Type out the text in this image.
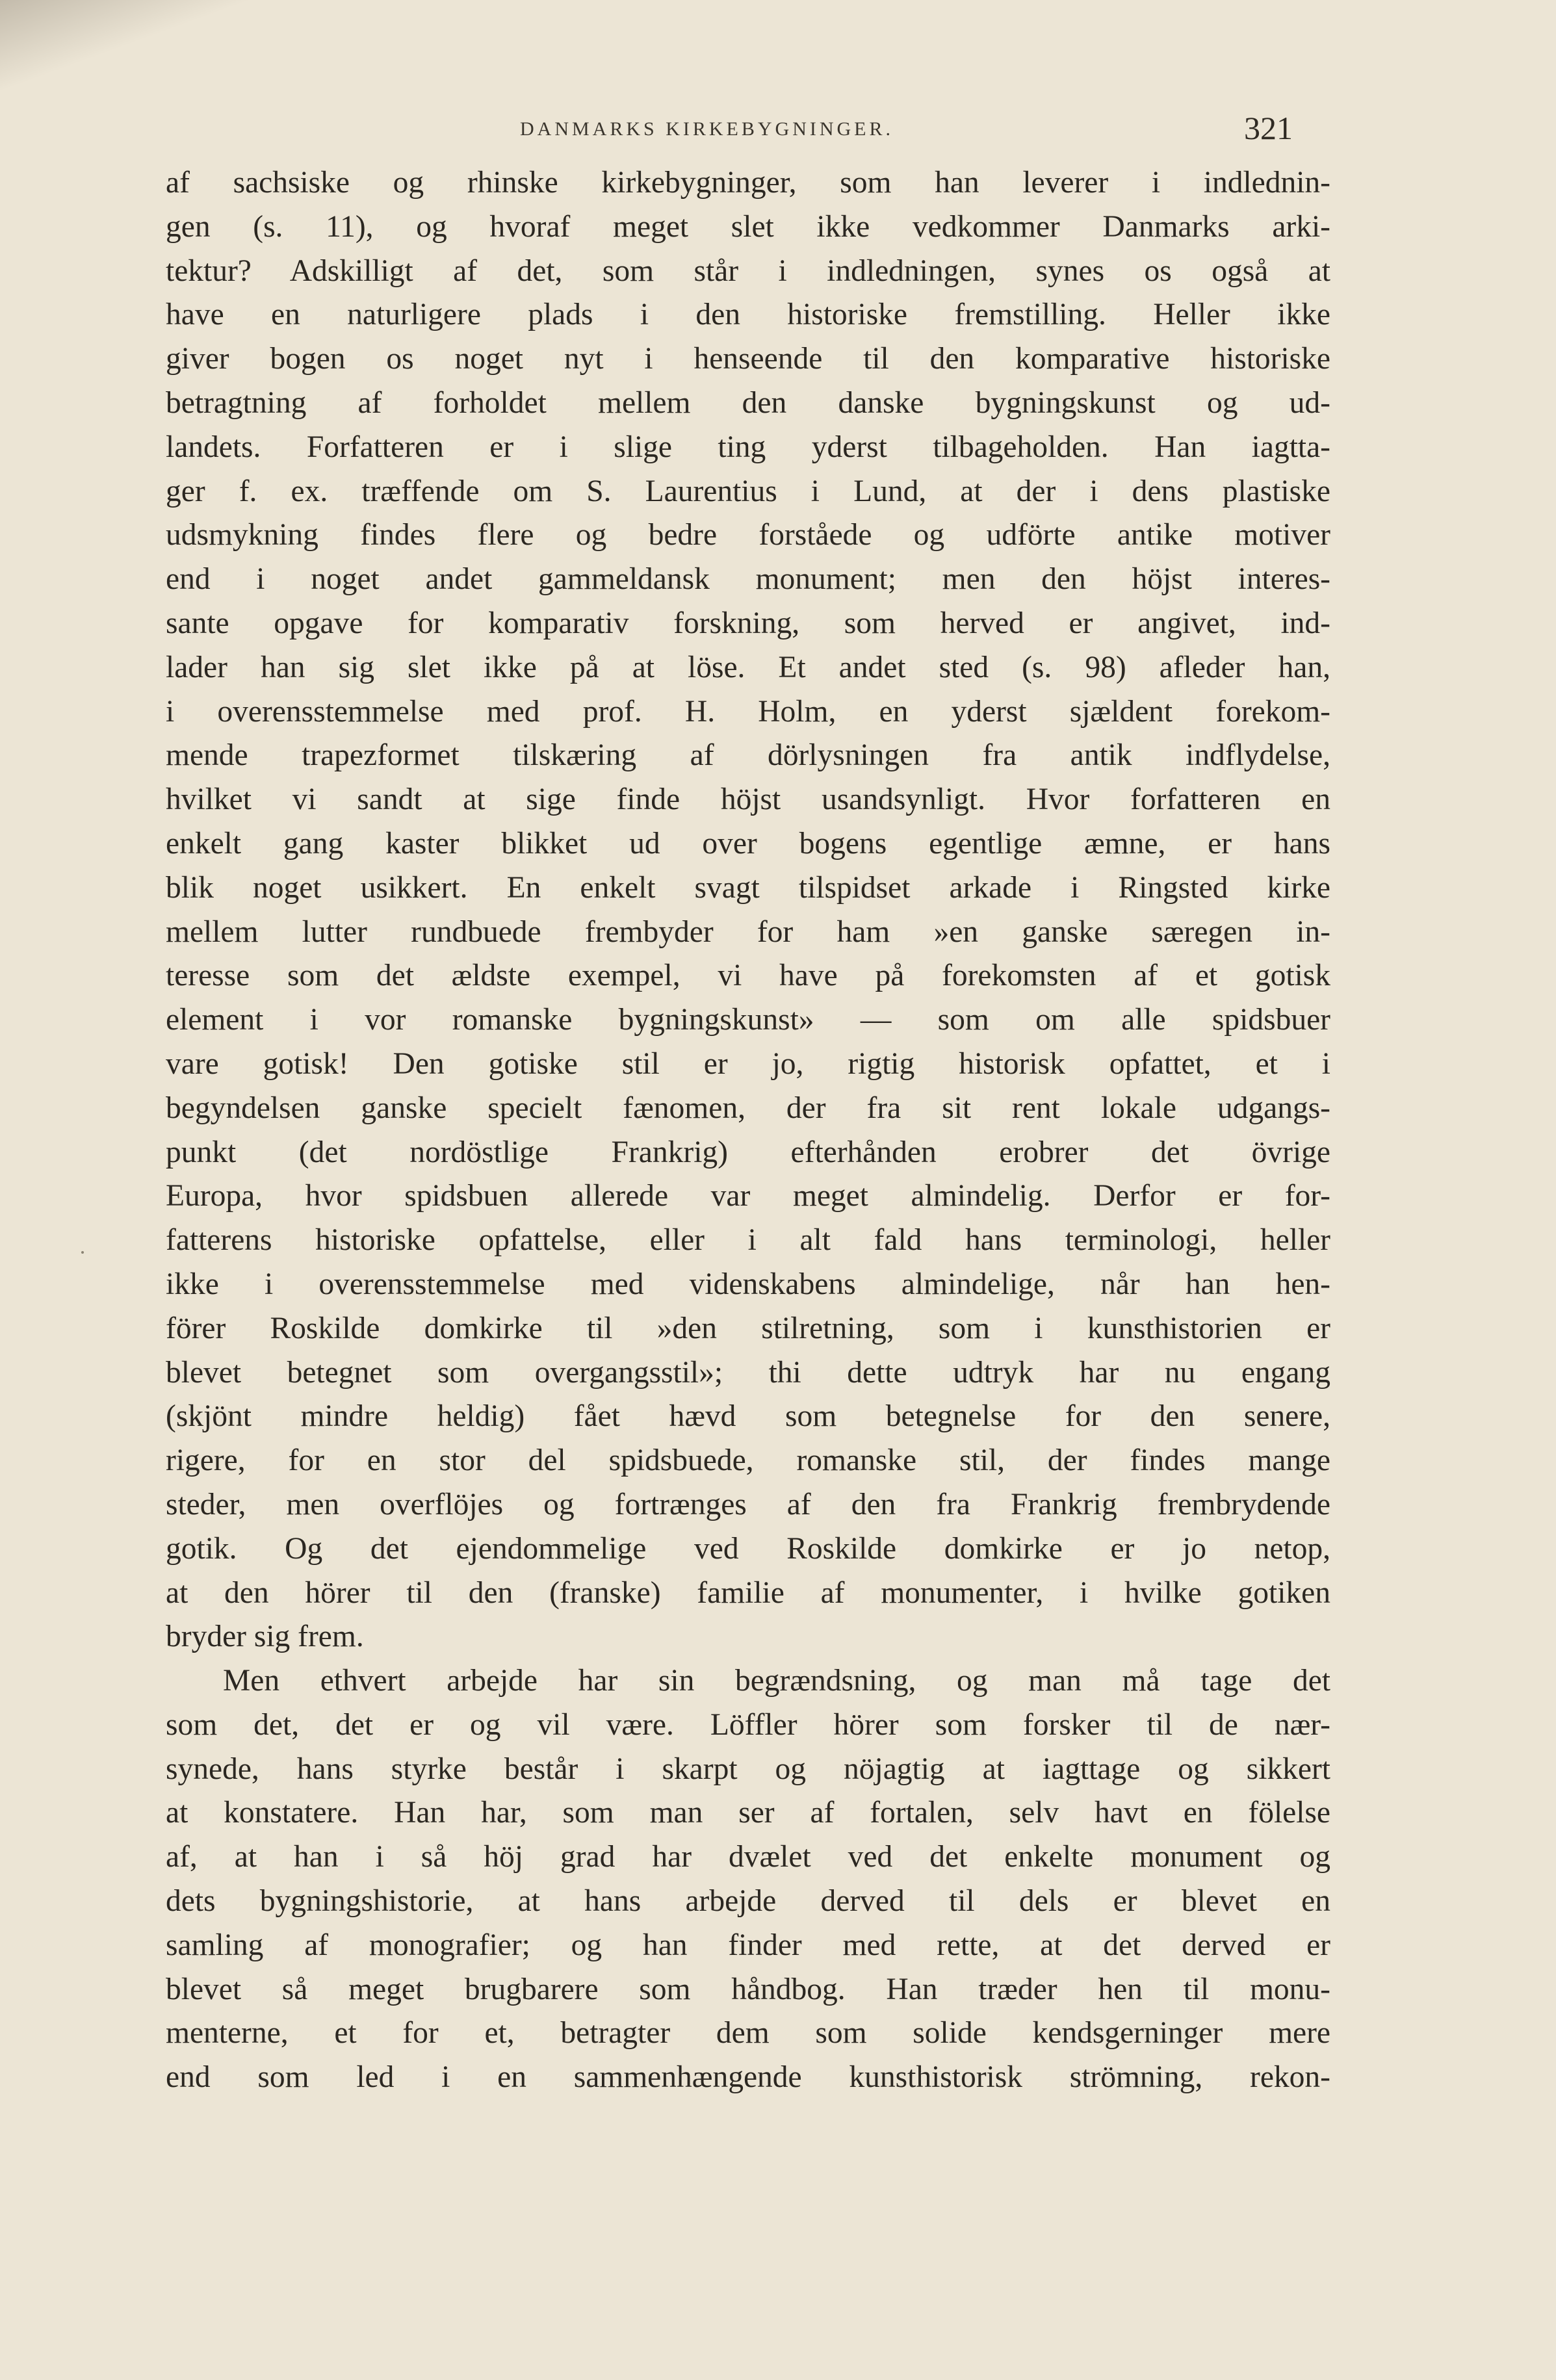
DANMARKS KIRKEBYGNINGER.	321
af sachsiske og rhinske kirkebygninger, som han leverer i indlednin-
gen (s. 11), og hvoraf meget slet ikke vedkommer Danmarks arki-
tektur? Adskilligt af det, som står i indledningen, synes os også at
have en naturligere plads i den historiske fremstilling. Heller ikke
giver bogen os noget nyt i henseende til den komparative historiske
betragtning af forholdet mellem den danske bygningskunst og ud-
landets. Forfatteren er i slige ting yderst tilbageholden. Han iagtta-
ger f. ex. træffende om S. Laurentius i Lund, at der i dens plastiske
udsmykning findes flere og bedre forståede og udförte antike motiver
end i noget andet gammeldansk monument; men den höjst interes-
sante opgave for komparativ forskning, som herved er angivet, ind-
lader han sig slet ikke på at löse. Et andet sted (s. 98) afleder han,
i overensstemmelse med prof. H. Holm, en yderst sjældent forekom-
mende trapezformet tilskæring af dörlysningen fra antik indflydelse,
hvilket vi sandt at sige finde höjst usandsynligt. Hvor forfatteren en
enkelt gang kaster blikket ud over bogens egentlige æmne, er hans
blik noget usikkert. En enkelt svagt tilspidset arkade i Ringsted kirke
mellem lutter rundbuede frembyder for ham »en ganske særegen in-
teresse som det ældste exempel, vi have på forekomsten af et gotisk
element i vor romanske bygningskunst» — som om alle spidsbuer
vare gotisk! Den gotiske stil er jo, rigtig historisk opfattet, et i
begyndelsen ganske specielt fænomen, der fra sit rent lokale udgangs-
punkt (det nordöstlige Frankrig) efterhånden erobrer det övrige
Europa, hvor spidsbuen allerede var meget almindelig. Derfor er for-
fatterens historiske opfattelse, eller i alt fald hans terminologi, heller
ikke i overensstemmelse med videnskabens almindelige, når han hen-
förer Roskilde domkirke til »den stilretning, som i kunsthistorien er
blevet betegnet som overgangsstil»; thi dette udtryk har nu engang
(skjönt mindre heldig) fået hævd som betegnelse for den senere,
rigere, for en stor del spidsbuede, romanske stil, der findes mange
steder, men overflöjes og fortrænges af den fra Frankrig frembrydende
gotik. Og det ejendommelige ved Roskilde domkirke er jo netop,
at den hörer til den (franske) familie af monumenter, i hvilke gotiken
bryder sig frem.
Men ethvert arbejde har sin begrændsning, og man må tage det
som det, det er og vil være. Löffler hörer som forsker til de nær-
synede, hans styrke består i skarpt og nöjagtig at iagttage og sikkert
at konstatere. Han har, som man ser af fortalen, selv havt en fölelse
af, at han i så höj grad har dvælet ved det enkelte monument og
dets bygningshistorie, at hans arbejde derved til dels er blevet en
samling af monografier; og han finder med rette, at det derved er
blevet så meget brugbarere som håndbog. Han træder hen til monu-
menterne, et for et, betragter dem som solide kendsgerninger mere
end som led i en sammenhængende kunsthistorisk strömning, rekon-
